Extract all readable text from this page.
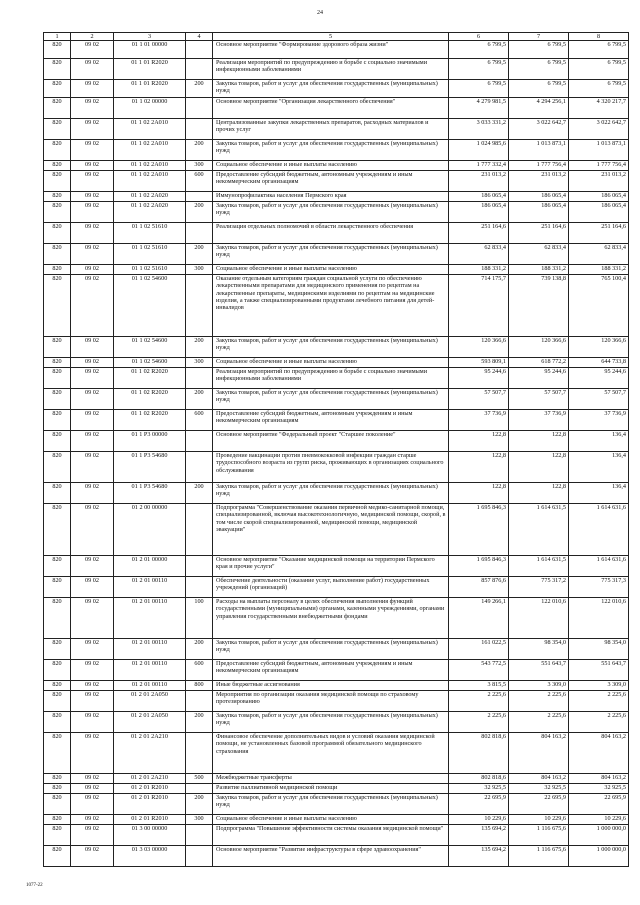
24
1	2	3	4	5	6	7	8
820	09 02	01 1 01 00000		Основное мероприятие "Формирование здорового образа жизни"	6 799,5	6 799,5	6 799,5
820	09 02	01 1 01 R2020		Реализация мероприятий по предупреждению и борьбе с социально значимыми инфекционными заболеваниями	6 799,5	6 799,5	6 799,5
820	09 02	01 1 01 R2020	200	Закупка товаров, работ и услуг для обеспечения государственных (муниципальных) нужд	6 799,5	6 799,5	6 799,5
820	09 02	01 1 02 00000		Основное мероприятие "Организация лекарственного обеспечения"	4 279 981,5	4 294 256,1	4 320 217,7
820	09 02	01 1 02 2А010		Централизованные закупки лекарственных препаратов, расходных материалов и прочих услуг	3 033 331,2	3 022 642,7	3 022 642,7
820	09 02	01 1 02 2А010	200	Закупка товаров, работ и услуг для обеспечения государственных (муниципальных) нужд	1 024 985,6	1 013 873,1	1 013 873,1
820	09 02	01 1 02 2А010	300	Социальное обеспечение и иные выплаты населению	1 777 332,4	1 777 756,4	1 777 756,4
820	09 02	01 1 02 2А010	600	Предоставление субсидий бюджетным, автономным учреждениям и иным некоммерческим организациям	231 013,2	231 013,2	231 013,2
820	09 02	01 1 02 2А020		Иммунопрофилактика населения Пермского края	186 065,4	186 065,4	186 065,4
820	09 02	01 1 02 2А020	200	Закупка товаров, работ и услуг для обеспечения государственных (муниципальных) нужд	186 065,4	186 065,4	186 065,4
820	09 02	01 1 02 51610		Реализация отдельных полномочий в области лекарственного обеспечения	251 164,6	251 164,6	251 164,6
820	09 02	01 1 02 51610	200	Закупка товаров, работ и услуг для обеспечения государственных (муниципальных) нужд	62 833,4	62 833,4	62 833,4
820	09 02	01 1 02 51610	300	Социальное обеспечение и иные выплаты населению	188 331,2	188 331,2	188 331,2
820	09 02	01 1 02 54600		Оказание отдельным категориям граждан социальной услуги по обеспечению лекарственными препаратами для медицинского применения по рецептам на лекарственные препараты, медицинскими изделиями по рецептам на медицинские изделия, а также специализированными продуктами лечебного питания для детей-инвалидов	714 175,7	739 138,8	765 100,4
820	09 02	01 1 02 54600	200	Закупка товаров, работ и услуг для обеспечения государственных (муниципальных) нужд	120 366,6	120 366,6	120 366,6
820	09 02	01 1 02 54600	300	Социальное обеспечение и иные выплаты населению	593 809,1	618 772,2	644 733,8
820	09 02	01 1 02 R2020		Реализация мероприятий по предупреждению и борьбе с социально значимыми инфекционными заболеваниями	95 244,6	95 244,6	95 244,6
820	09 02	01 1 02 R2020	200	Закупка товаров, работ и услуг для обеспечения государственных (муниципальных) нужд	57 507,7	57 507,7	57 507,7
820	09 02	01 1 02 R2020	600	Предоставление субсидий бюджетным, автономным учреждениям и иным некоммерческим организациям	37 736,9	37 736,9	37 736,9
820	09 02	01 1 P3 00000		Основное мероприятие "Федеральный проект "Старшее поколение"	122,8	122,8	136,4
820	09 02	01 1 P3 54680		Проведение вакцинации против пневмококковой инфекции граждан старше трудоспособного возраста из групп риска, проживающих в организациях социального обслуживания	122,8	122,8	136,4
820	09 02	01 1 P3 54680	200	Закупка товаров, работ и услуг для обеспечения государственных (муниципальных) нужд	122,8	122,8	136,4
820	09 02	01 2 00 00000		Подпрограмма "Совершенствование оказания первичной медико-санитарной помощи, специализированной, включая высокотехнологичную, медицинской помощи, скорой, в том числе скорой специализированной, медицинской помощи, медицинской эвакуации"	1 695 846,3	1 614 631,5	1 614 631,6
820	09 02	01 2 01 00000		Основное мероприятие "Оказание медицинской помощи на территории Пермского края и прочие услуги"	1 695 846,3	1 614 631,5	1 614 631,6
820	09 02	01 2 01 00110		Обеспечение деятельности (оказание услуг, выполнение работ) государственных учреждений (организаций)	857 876,6	775 317,2	775 317,3
820	09 02	01 2 01 00110	100	Расходы на выплаты персоналу в целях обеспечения выполнения функций государственными (муниципальными) органами, казенными учреждениями, органами управления государственными внебюджетными фондами	149 266,1	122 010,6	122 010,6
820	09 02	01 2 01 00110	200	Закупка товаров, работ и услуг для обеспечения государственных (муниципальных) нужд	161 022,5	98 354,0	98 354,0
820	09 02	01 2 01 00110	600	Предоставление субсидий бюджетным, автономным учреждениям и иным некоммерческим организациям	543 772,5	551 643,7	551 643,7
820	09 02	01 2 01 00110	800	Иные бюджетные ассигнования	3 815,5	3 309,0	3 309,0
820	09 02	01 2 01 2А050		Мероприятия по организации оказания медицинской помощи по страховому протезированию	2 225,6	2 225,6	2 225,6
820	09 02	01 2 01 2А050	200	Закупка товаров, работ и услуг для обеспечения государственных (муниципальных) нужд	2 225,6	2 225,6	2 225,6
820	09 02	01 2 01 2А210		Финансовое обеспечение дополнительных видов и условий оказания медицинской помощи, не установленных базовой программой обязательного медицинского страхования	802 818,6	804 163,2	804 163,2
820	09 02	01 2 01 2А210	500	Межбюджетные трансферты	802 818,6	804 163,2	804 163,2
820	09 02	01 2 01 R2010		Развитие паллиативной медицинской помощи	32 925,5	32 925,5	32 925,5
820	09 02	01 2 01 R2010	200	Закупка товаров, работ и услуг для обеспечения государственных (муниципальных) нужд	22 695,9	22 695,9	22 695,9
820	09 02	01 2 01 R2010	300	Социальное обеспечение и иные выплаты населению	10 229,6	10 229,6	10 229,6
820	09 02	01 3 00 00000		Подпрограмма "Повышение эффективности системы оказания медицинской помощи"	135 694,2	1 116 675,6	1 000 000,0
820	09 02	01 3 03 00000		Основное мероприятие "Развитие инфраструктуры в сфере здравоохранения"	135 694,2	1 116 675,6	1 000 000,0
1077-22
